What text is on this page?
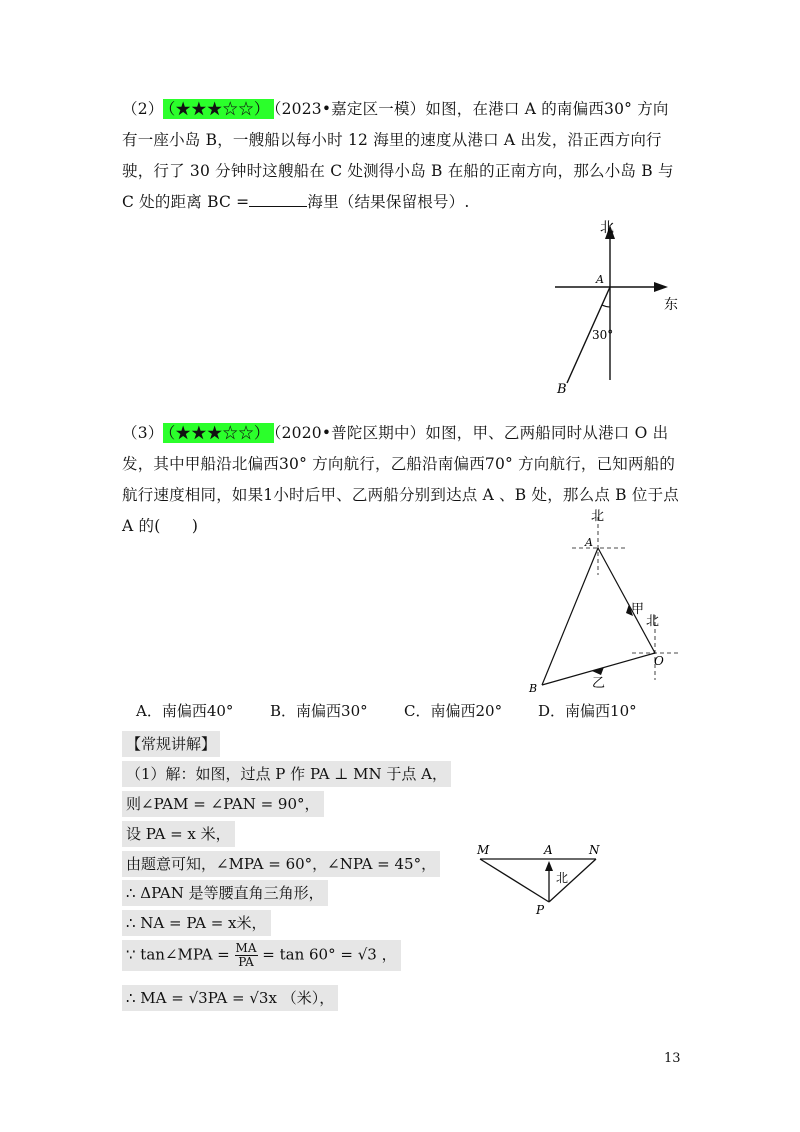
（2） （★★★☆☆） （2023•嘉定区一模）如图，在港口 A 的南偏西30° 方向有一座小岛 B，一艘船以每小时 12 海里的速度从港口 A 出发，沿正西方向行驶，行了 30 分钟时这艘船在 C 处测得小岛 B 在船的正南方向，那么小岛 B 与 C 处的距离 BC =	海里（结果保留根号）.
北
东
A
B
30°
（3） （★★★☆☆） （2020•普陀区期中）如图，甲、乙两船同时从港口 O 出发，其中甲船沿北偏西30° 方向航行，乙船沿南偏西70° 方向航行，已知两船的航行速度相同，如果1小时后甲、乙两船分别到达点 A 、B 处，那么点 B 位于点 A 的(　　)
北
北
A
O
B
甲
乙
A．南偏西40° B．南偏西30° C．南偏西20° D．南偏西10°
【常规讲解】
（1）解：如图，过点 P 作 PA ⊥ MN 于点 A，
则∠PAM = ∠PAN = 90°，
设 PA = x 米，
由题意可知，∠MPA = 60°，∠NPA = 45°，
∴ ΔPAN 是等腰直角三角形，
∴ NA = PA = x米，
∵ tan∠MPA = $\frac{MA}{PA} = \tan 60^\circ = √3$ ，
∴ MA = √3PA = √3x （米），
M	A	N
P
北
13
